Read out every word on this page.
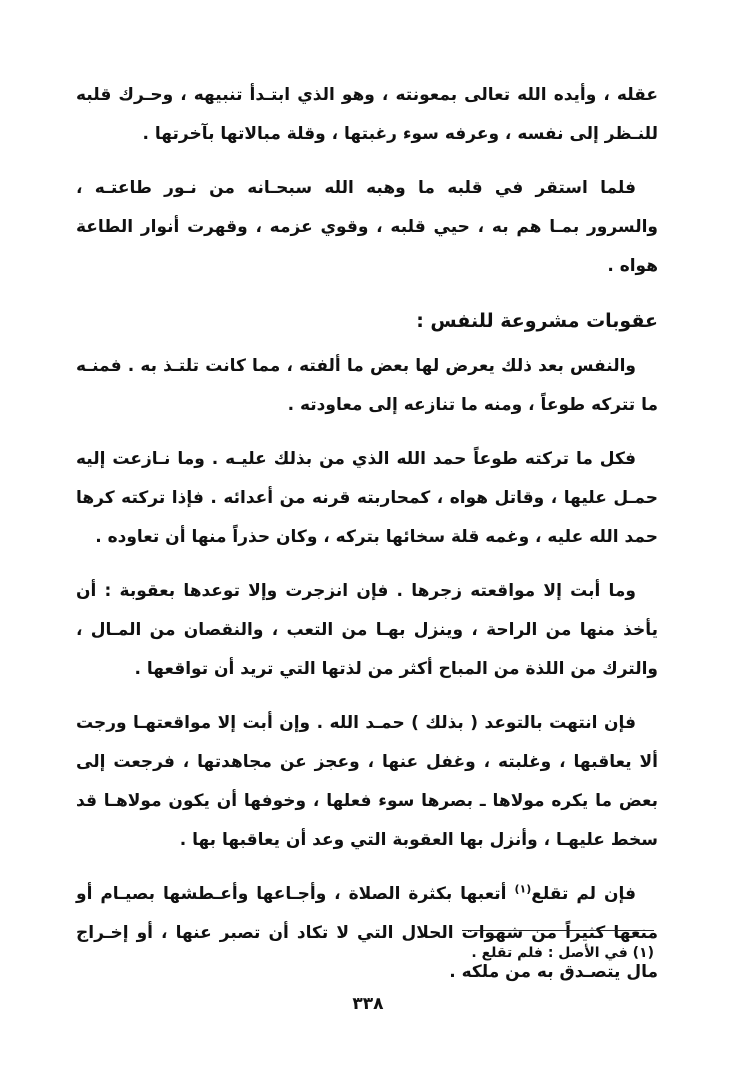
عقله ، وأيده الله تعالى بمعونته ، وهو الذي ابتـدأ تنبيهه ، وحـرك قلبه للنـظر إلى نفسه ، وعرفه سوء رغبتها ، وقلة مبالاتها بآخرتها .

فلما استقر في قلبه ما وهبه الله سبحـانه من نـور طاعتـه ، والسرور بمـا هم به ، حيي قلبه ، وقوي عزمه ، وقهرت أنوار الطاعة هواه .

عقوبات مشروعة للنفس :

والنفس بعد ذلك يعرض لها بعض ما ألفته ، مما كانت تلتـذ به . فمنـه ما تتركه طوعاً ، ومنه ما تنازعه إلى معاودته .

فكل ما تركته طوعاً حمد الله الذي من بذلك عليـه . وما نـازعت إليه حمـل عليها ، وقاتل هواه ، كمحاربته قرنه من أعدائه . فإذا تركته كرها حمد الله عليه ، وغمه قلة سخائها بتركه ، وكان حذراً منها أن تعاوده .

وما أبت إلا مواقعته زجرها . فإن انزجرت وإلا توعدها بعقوبة : أن يأخذ منها من الراحة ، وينزل بهـا من التعب ، والنقصان من المـال ، والترك من اللذة من المباح أكثر من لذتها التي تريد أن تواقعها .

فإن انتهت بالتوعد ( بذلك ) حمـد الله . وإن أبت إلا مواقعتهـا ورجت ألا يعاقبها ، وغلبته ، وغفل عنها ، وعجز عن مجاهدتها ، فرجعت إلى بعض ما يكره مولاها ـ بصرها سوء فعلها ، وخوفها أن يكون مولاهـا قد سخط عليهـا ، وأنزل بها العقوبة التي وعد أن يعاقبها بها .

فإن لم تقلع$^{(١)}$ أتعبها بكثرة الصلاة ، وأجـاعها وأعـطشها بصيـام أو منعها كثيراً من شهوات الحلال التي لا تكاد أن تصبر عنها ، أو إخـراج مال يتصـدق به من ملكه .

(١) في الأصل : فلم تقلع .
٣٣٨
